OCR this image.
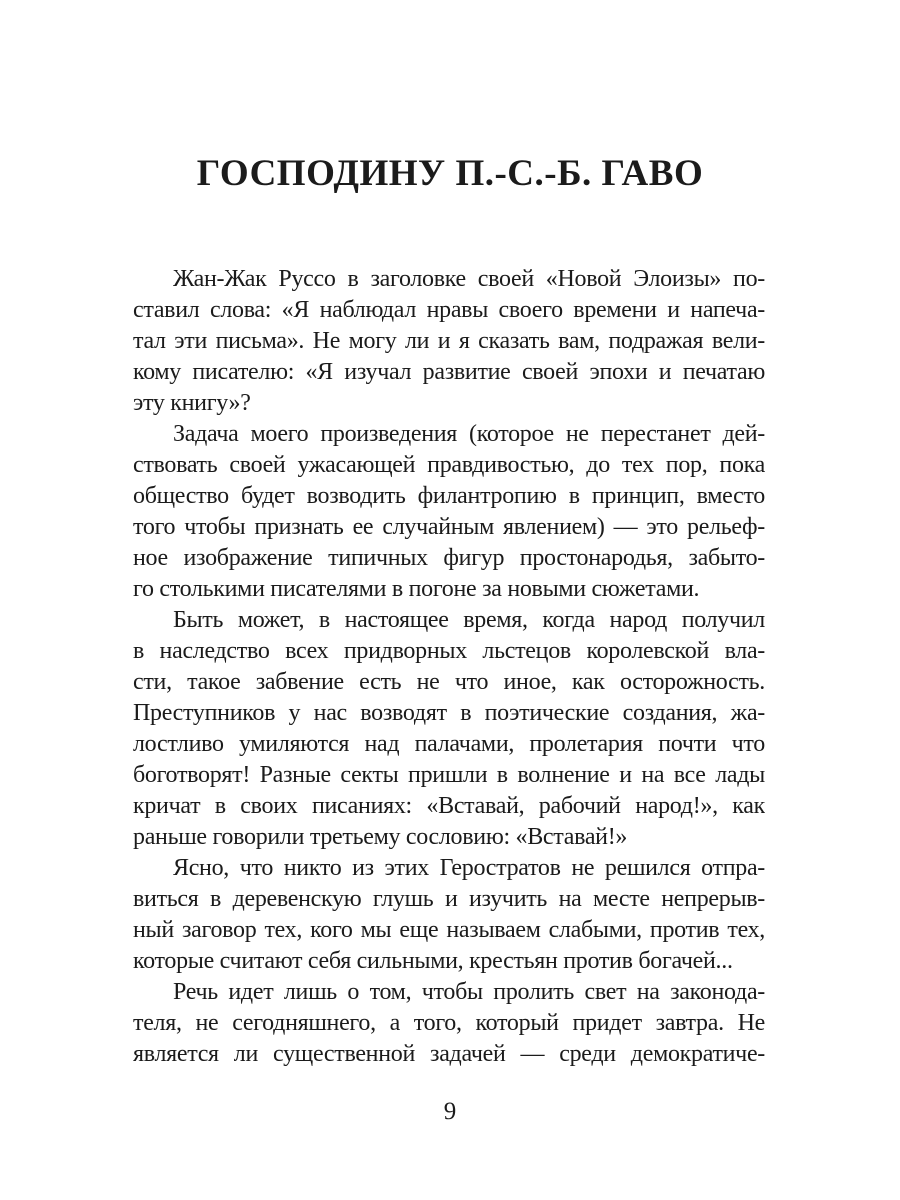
ГОСПОДИНУ П.-С.-Б. ГАВО
Жан-Жак Руссо в заголовке своей «Новой Элоизы» по-
ставил слова: «Я наблюдал нравы своего времени и напеча-
тал эти письма». Не могу ли и я сказать вам, подражая вели-
кому писателю: «Я изучал развитие своей эпохи и печатаю
эту книгу»?
Задача моего произведения (которое не перестанет дей-
ствовать своей ужасающей правдивостью, до тех пор, пока
общество будет возводить филантропию в принцип, вместо
того чтобы признать ее случайным явлением) — это рельеф-
ное изображение типичных фигур простонародья, забыто-
го столькими писателями в погоне за новыми сюжетами.
Быть может, в настоящее время, когда народ получил
в наследство всех придворных льстецов королевской вла-
сти, такое забвение есть не что иное, как осторожность.
Преступников у нас возводят в поэтические создания, жа-
лостливо умиляются над палачами, пролетария почти что
боготворят! Разные секты пришли в волнение и на все лады
кричат в своих писаниях: «Вставай, рабочий народ!», как
раньше говорили третьему сословию: «Вставай!»
Ясно, что никто из этих Геростратов не решился отпра-
виться в деревенскую глушь и изучить на месте непрерыв-
ный заговор тех, кого мы еще называем слабыми, против тех,
которые считают себя сильными, крестьян против богачей...
Речь идет лишь о том, чтобы пролить свет на законода-
теля, не сегодняшнего, а того, который придет завтра. Не
является ли существенной задачей — среди демократиче-
9
